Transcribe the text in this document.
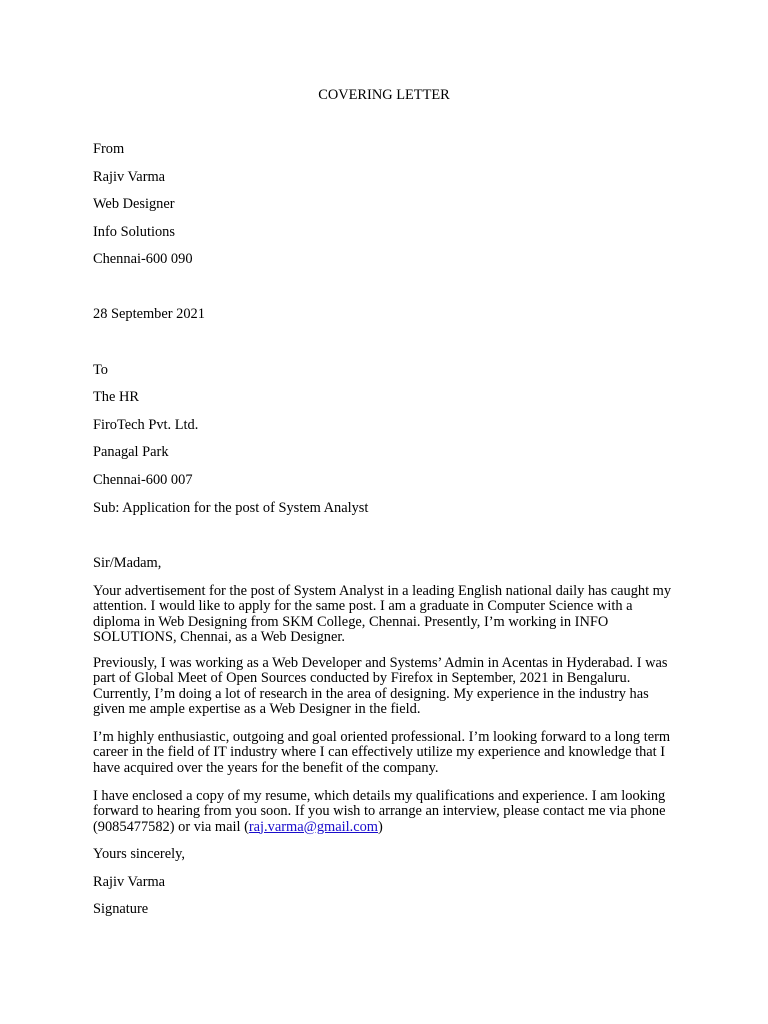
COVERING LETTER
From
Rajiv Varma
Web Designer
Info Solutions
Chennai-600 090
28 September 2021
To
The HR
FiroTech Pvt. Ltd.
Panagal Park
Chennai-600 007
Sub: Application for the post of System Analyst
Sir/Madam,
Your advertisement for the post of System Analyst in a leading English national daily has caught my
attention. I would like to apply for the same post. I am a graduate in Computer Science with a
diploma in Web Designing from SKM College, Chennai. Presently, I’m working in INFO
SOLUTIONS, Chennai, as a Web Designer.
Previously, I was working as a Web Developer and Systems’ Admin in Acentas in Hyderabad. I was
part of Global Meet of Open Sources conducted by Firefox in September, 2021 in Bengaluru.
Currently, I’m doing a lot of research in the area of designing. My experience in the industry has
given me ample expertise as a Web Designer in the field.
I’m highly enthusiastic, outgoing and goal oriented professional. I’m looking forward to a long term
career in the field of IT industry where I can effectively utilize my experience and knowledge that I
have acquired over the years for the benefit of the company.
I have enclosed a copy of my resume, which details my qualifications and experience. I am looking
forward to hearing from you soon. If you wish to arrange an interview, please contact me via phone
(9085477582) or via mail (raj.varma@gmail.com)
Yours sincerely,
Rajiv Varma
Signature
